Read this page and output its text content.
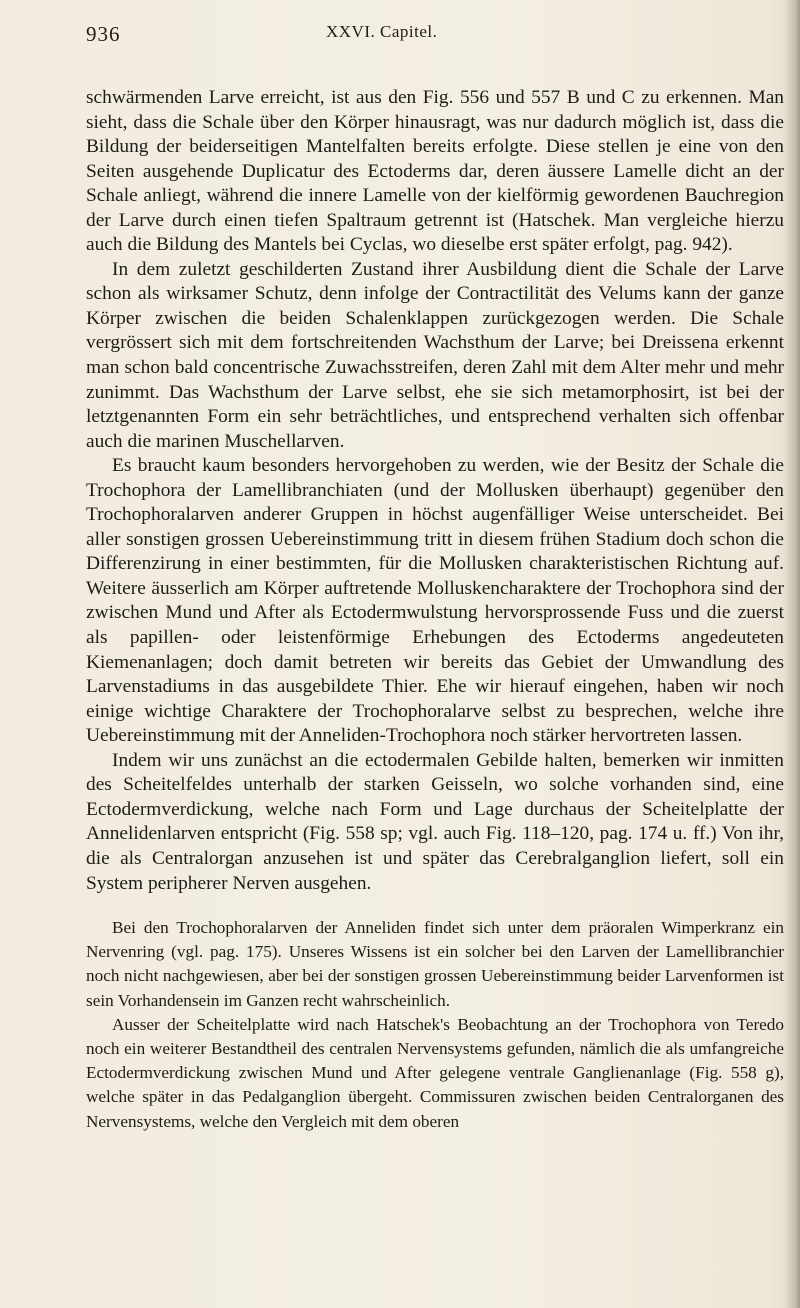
936	XXVI. Capitel.

schwärmenden Larve erreicht, ist aus den Fig. 556 und 557 B und C zu erkennen. Man sieht, dass die Schale über den Körper hinausragt, was nur dadurch möglich ist, dass die Bildung der beiderseitigen Mantelfalten bereits erfolgte. Diese stellen je eine von den Seiten ausgehende Duplicatur des Ectoderms dar, deren äussere Lamelle dicht an der Schale anliegt, während die innere Lamelle von der kielförmig gewordenen Bauchregion der Larve durch einen tiefen Spaltraum getrennt ist (Hatschek. Man vergleiche hierzu auch die Bildung des Mantels bei Cyclas, wo dieselbe erst später erfolgt, pag. 942).

In dem zuletzt geschilderten Zustand ihrer Ausbildung dient die Schale der Larve schon als wirksamer Schutz, denn infolge der Contractilität des Velums kann der ganze Körper zwischen die beiden Schalenklappen zurückgezogen werden. Die Schale vergrössert sich mit dem fortschreitenden Wachsthum der Larve; bei Dreissena erkennt man schon bald concentrische Zuwachsstreifen, deren Zahl mit dem Alter mehr und mehr zunimmt. Das Wachsthum der Larve selbst, ehe sie sich metamorphosirt, ist bei der letztgenannten Form ein sehr beträchtliches, und entsprechend verhalten sich offenbar auch die marinen Muschellarven.

Es braucht kaum besonders hervorgehoben zu werden, wie der Besitz der Schale die Trochophora der Lamellibranchiaten (und der Mollusken überhaupt) gegenüber den Trochophoralarven anderer Gruppen in höchst augenfälliger Weise unterscheidet. Bei aller sonstigen grossen Uebereinstimmung tritt in diesem frühen Stadium doch schon die Differenzirung in einer bestimmten, für die Mollusken charakteristischen Richtung auf. Weitere äusserlich am Körper auftretende Molluskencharaktere der Trochophora sind der zwischen Mund und After als Ectodermwulstung hervorsprossende Fuss und die zuerst als papillen- oder leistenförmige Erhebungen des Ectoderms angedeuteten Kiemenanlagen; doch damit betreten wir bereits das Gebiet der Umwandlung des Larvenstadiums in das ausgebildete Thier. Ehe wir hierauf eingehen, haben wir noch einige wichtige Charaktere der Trochophoralarve selbst zu besprechen, welche ihre Uebereinstimmung mit der Anneliden-Trochophora noch stärker hervortreten lassen.

Indem wir uns zunächst an die ectodermalen Gebilde halten, bemerken wir inmitten des Scheitelfeldes unterhalb der starken Geisseln, wo solche vorhanden sind, eine Ectodermverdickung, welche nach Form und Lage durchaus der Scheitelplatte der Annelidenlarven entspricht (Fig. 558 sp; vgl. auch Fig. 118–120, pag. 174 u. ff.) Von ihr, die als Centralorgan anzusehen ist und später das Cerebralganglion liefert, soll ein System peripherer Nerven ausgehen.

Bei den Trochophoralarven der Anneliden findet sich unter dem präoralen Wimperkranz ein Nervenring (vgl. pag. 175). Unseres Wissens ist ein solcher bei den Larven der Lamellibranchier noch nicht nachgewiesen, aber bei der sonstigen grossen Uebereinstimmung beider Larvenformen ist sein Vorhandensein im Ganzen recht wahrscheinlich.

Ausser der Scheitelplatte wird nach Hatschek's Beobachtung an der Trochophora von Teredo noch ein weiterer Bestandtheil des centralen Nervensystems gefunden, nämlich die als umfangreiche Ectodermverdickung zwischen Mund und After gelegene ventrale Ganglienanlage (Fig. 558 g), welche später in das Pedalganglion übergeht. Commissuren zwischen beiden Centralorganen des Nervensystems, welche den Vergleich mit dem oberen
